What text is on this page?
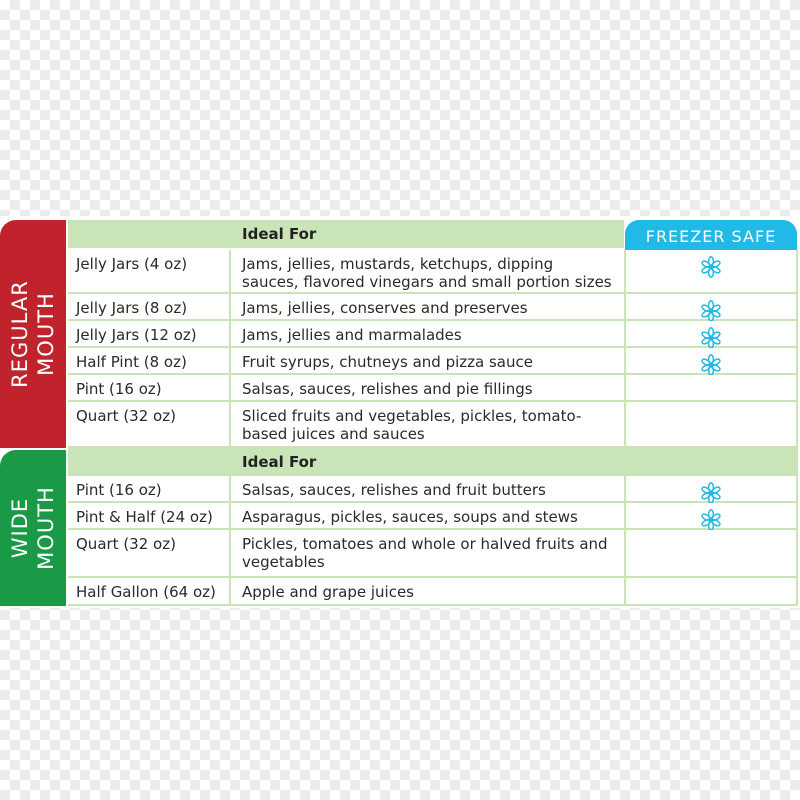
REGULAR MOUTH
Ideal For	FREEZER SAFE
Jelly Jars (4 oz)	Jams, jellies, mustards, ketchups, dipping sauces, flavored vinegars and small portion sizes
Jelly Jars (8 oz)	Jams, jellies, conserves and preserves
Jelly Jars (12 oz)	Jams, jellies and marmalades
Half Pint (8 oz)	Fruit syrups, chutneys and pizza sauce
Pint (16 oz)	Salsas, sauces, relishes and pie fillings
Quart (32 oz)	Sliced fruits and vegetables, pickles, tomato-based juices and sauces
WIDE MOUTH
Ideal For
Pint (16 oz)	Salsas, sauces, relishes and fruit butters
Pint & Half (24 oz)	Asparagus, pickles, sauces, soups and stews
Quart (32 oz)	Pickles, tomatoes and whole or halved fruits and vegetables
Half Gallon (64 oz)	Apple and grape juices
